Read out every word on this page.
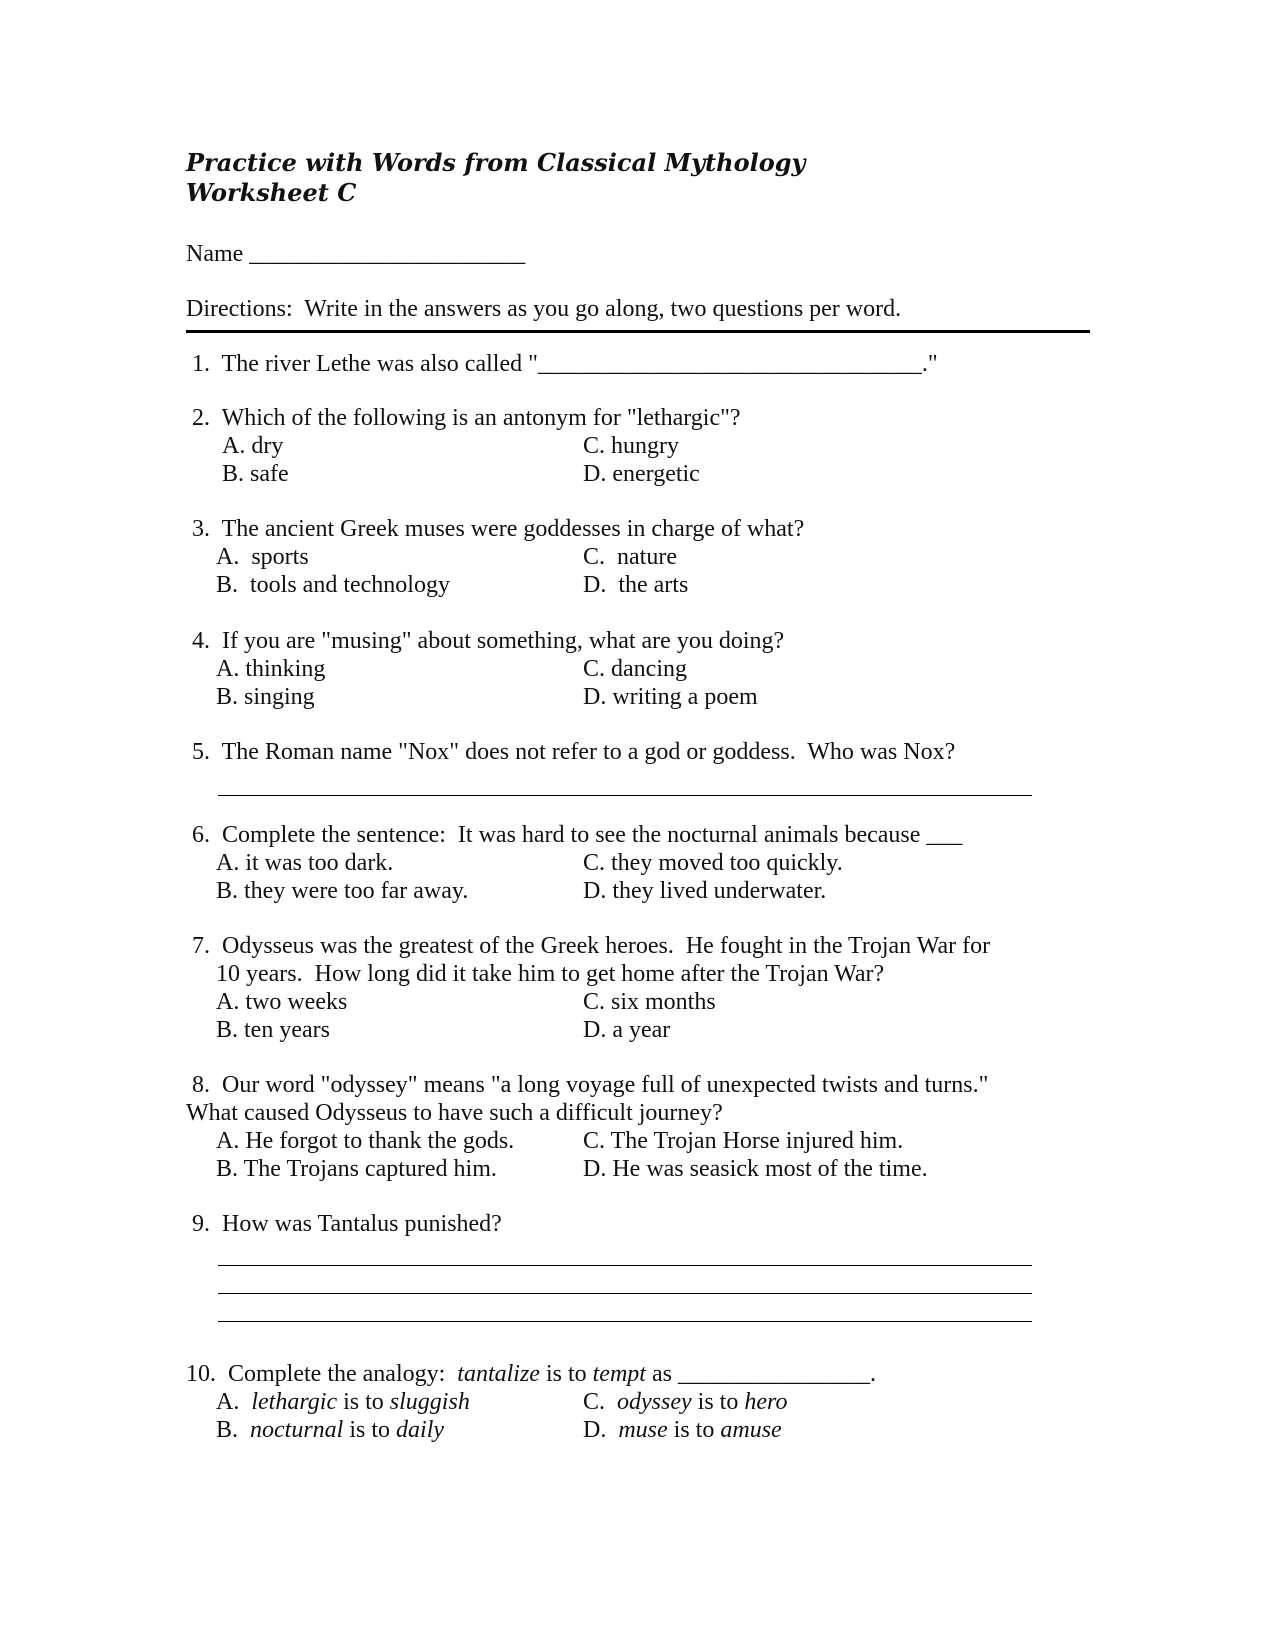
Practice with Words from Classical Mythology
Worksheet C
Name _______________________
Directions:  Write in the answers as you go along, two questions per word.
1.  The river Lethe was also called "________________________________."
2.  Which of the following is an antonym for "lethargic"?
A. dry	C. hungry
B. safe	D. energetic
3.  The ancient Greek muses were goddesses in charge of what?
A.  sports	C.  nature
B.  tools and technology	D.  the arts
4.  If you are "musing" about something, what are you doing?
A. thinking	C. dancing
B. singing	D. writing a poem
5.  The Roman name "Nox" does not refer to a god or goddess.  Who was Nox?
6.  Complete the sentence:  It was hard to see the nocturnal animals because ___
A. it was too dark.	C. they moved too quickly.
B. they were too far away.	D. they lived underwater.
7.  Odysseus was the greatest of the Greek heroes.  He fought in the Trojan War for
10 years.  How long did it take him to get home after the Trojan War?
A. two weeks	C. six months
B. ten years	D. a year
8.  Our word "odyssey" means "a long voyage full of unexpected twists and turns."
What caused Odysseus to have such a difficult journey?
A. He forgot to thank the gods.	C. The Trojan Horse injured him.
B. The Trojans captured him.	D. He was seasick most of the time.
9.  How was Tantalus punished?
10.  Complete the analogy:  tantalize is to tempt as ________________.
A.  lethargic is to sluggish	C.  odyssey is to hero
B.  nocturnal is to daily	D.  muse is to amuse
